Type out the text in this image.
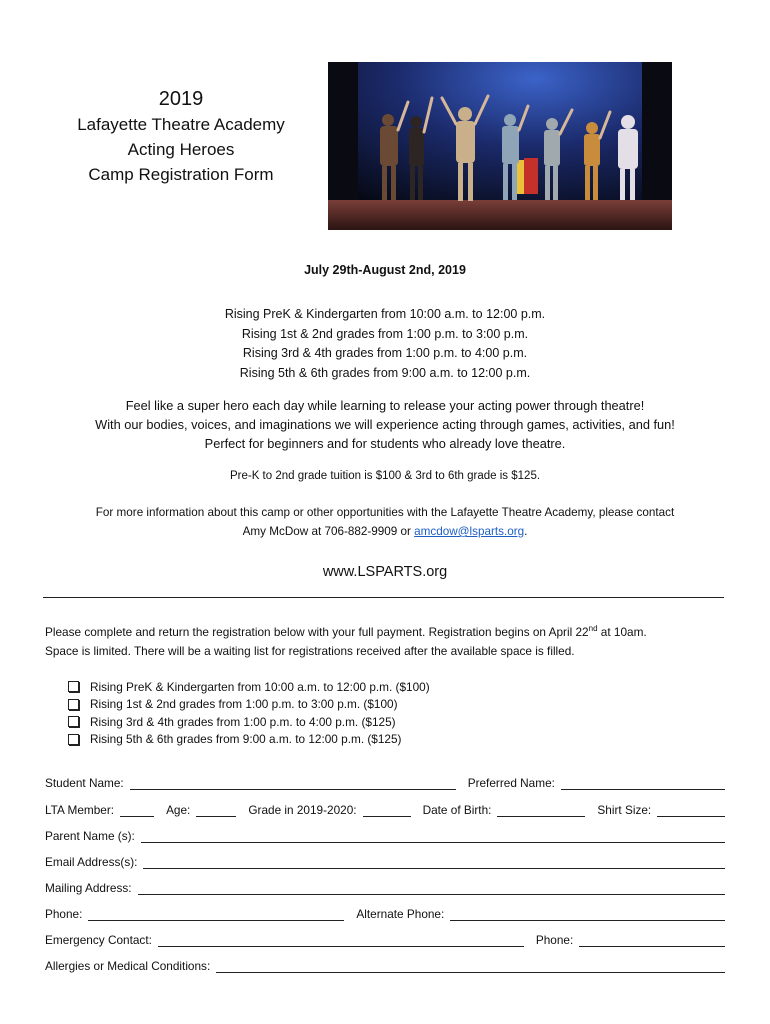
2019
Lafayette Theatre Academy
Acting Heroes
Camp Registration Form
July 29th-August 2nd, 2019
Rising PreK & Kindergarten from 10:00 a.m. to 12:00 p.m.
Rising 1st & 2nd grades from 1:00 p.m. to 3:00 p.m.
Rising 3rd & 4th grades from 1:00 p.m. to 4:00 p.m.
Rising 5th & 6th grades from 9:00 a.m. to 12:00 p.m.
Feel like a super hero each day while learning to release your acting power through theatre!
With our bodies, voices, and imaginations we will experience acting through games, activities, and fun!
Perfect for beginners and for students who already love theatre.
Pre-K to 2nd grade tuition is $100 & 3rd to 6th grade is $125.
For more information about this camp or other opportunities with the Lafayette Theatre Academy, please contact
Amy McDow at 706-882-9909 or amcdow@lsparts.org.
www.LSPARTS.org
Please complete and return the registration below with your full payment. Registration begins on April 22nd at 10am.
Space is limited. There will be a waiting list for registrations received after the available space is filled.
Rising PreK & Kindergarten from 10:00 a.m. to 12:00 p.m. ($100)
Rising 1st & 2nd grades from 1:00 p.m. to 3:00 p.m. ($100)
Rising 3rd & 4th grades from 1:00 p.m. to 4:00 p.m. ($125)
Rising 5th & 6th grades from 9:00 a.m. to 12:00 p.m. ($125)
Student Name:	Preferred Name:
LTA Member:	Age:	Grade in 2019-2020:	Date of Birth:	Shirt Size:
Parent Name (s):
Email Address(s):
Mailing Address:
Phone:	Alternate Phone:
Emergency Contact:	Phone:
Allergies or Medical Conditions:
